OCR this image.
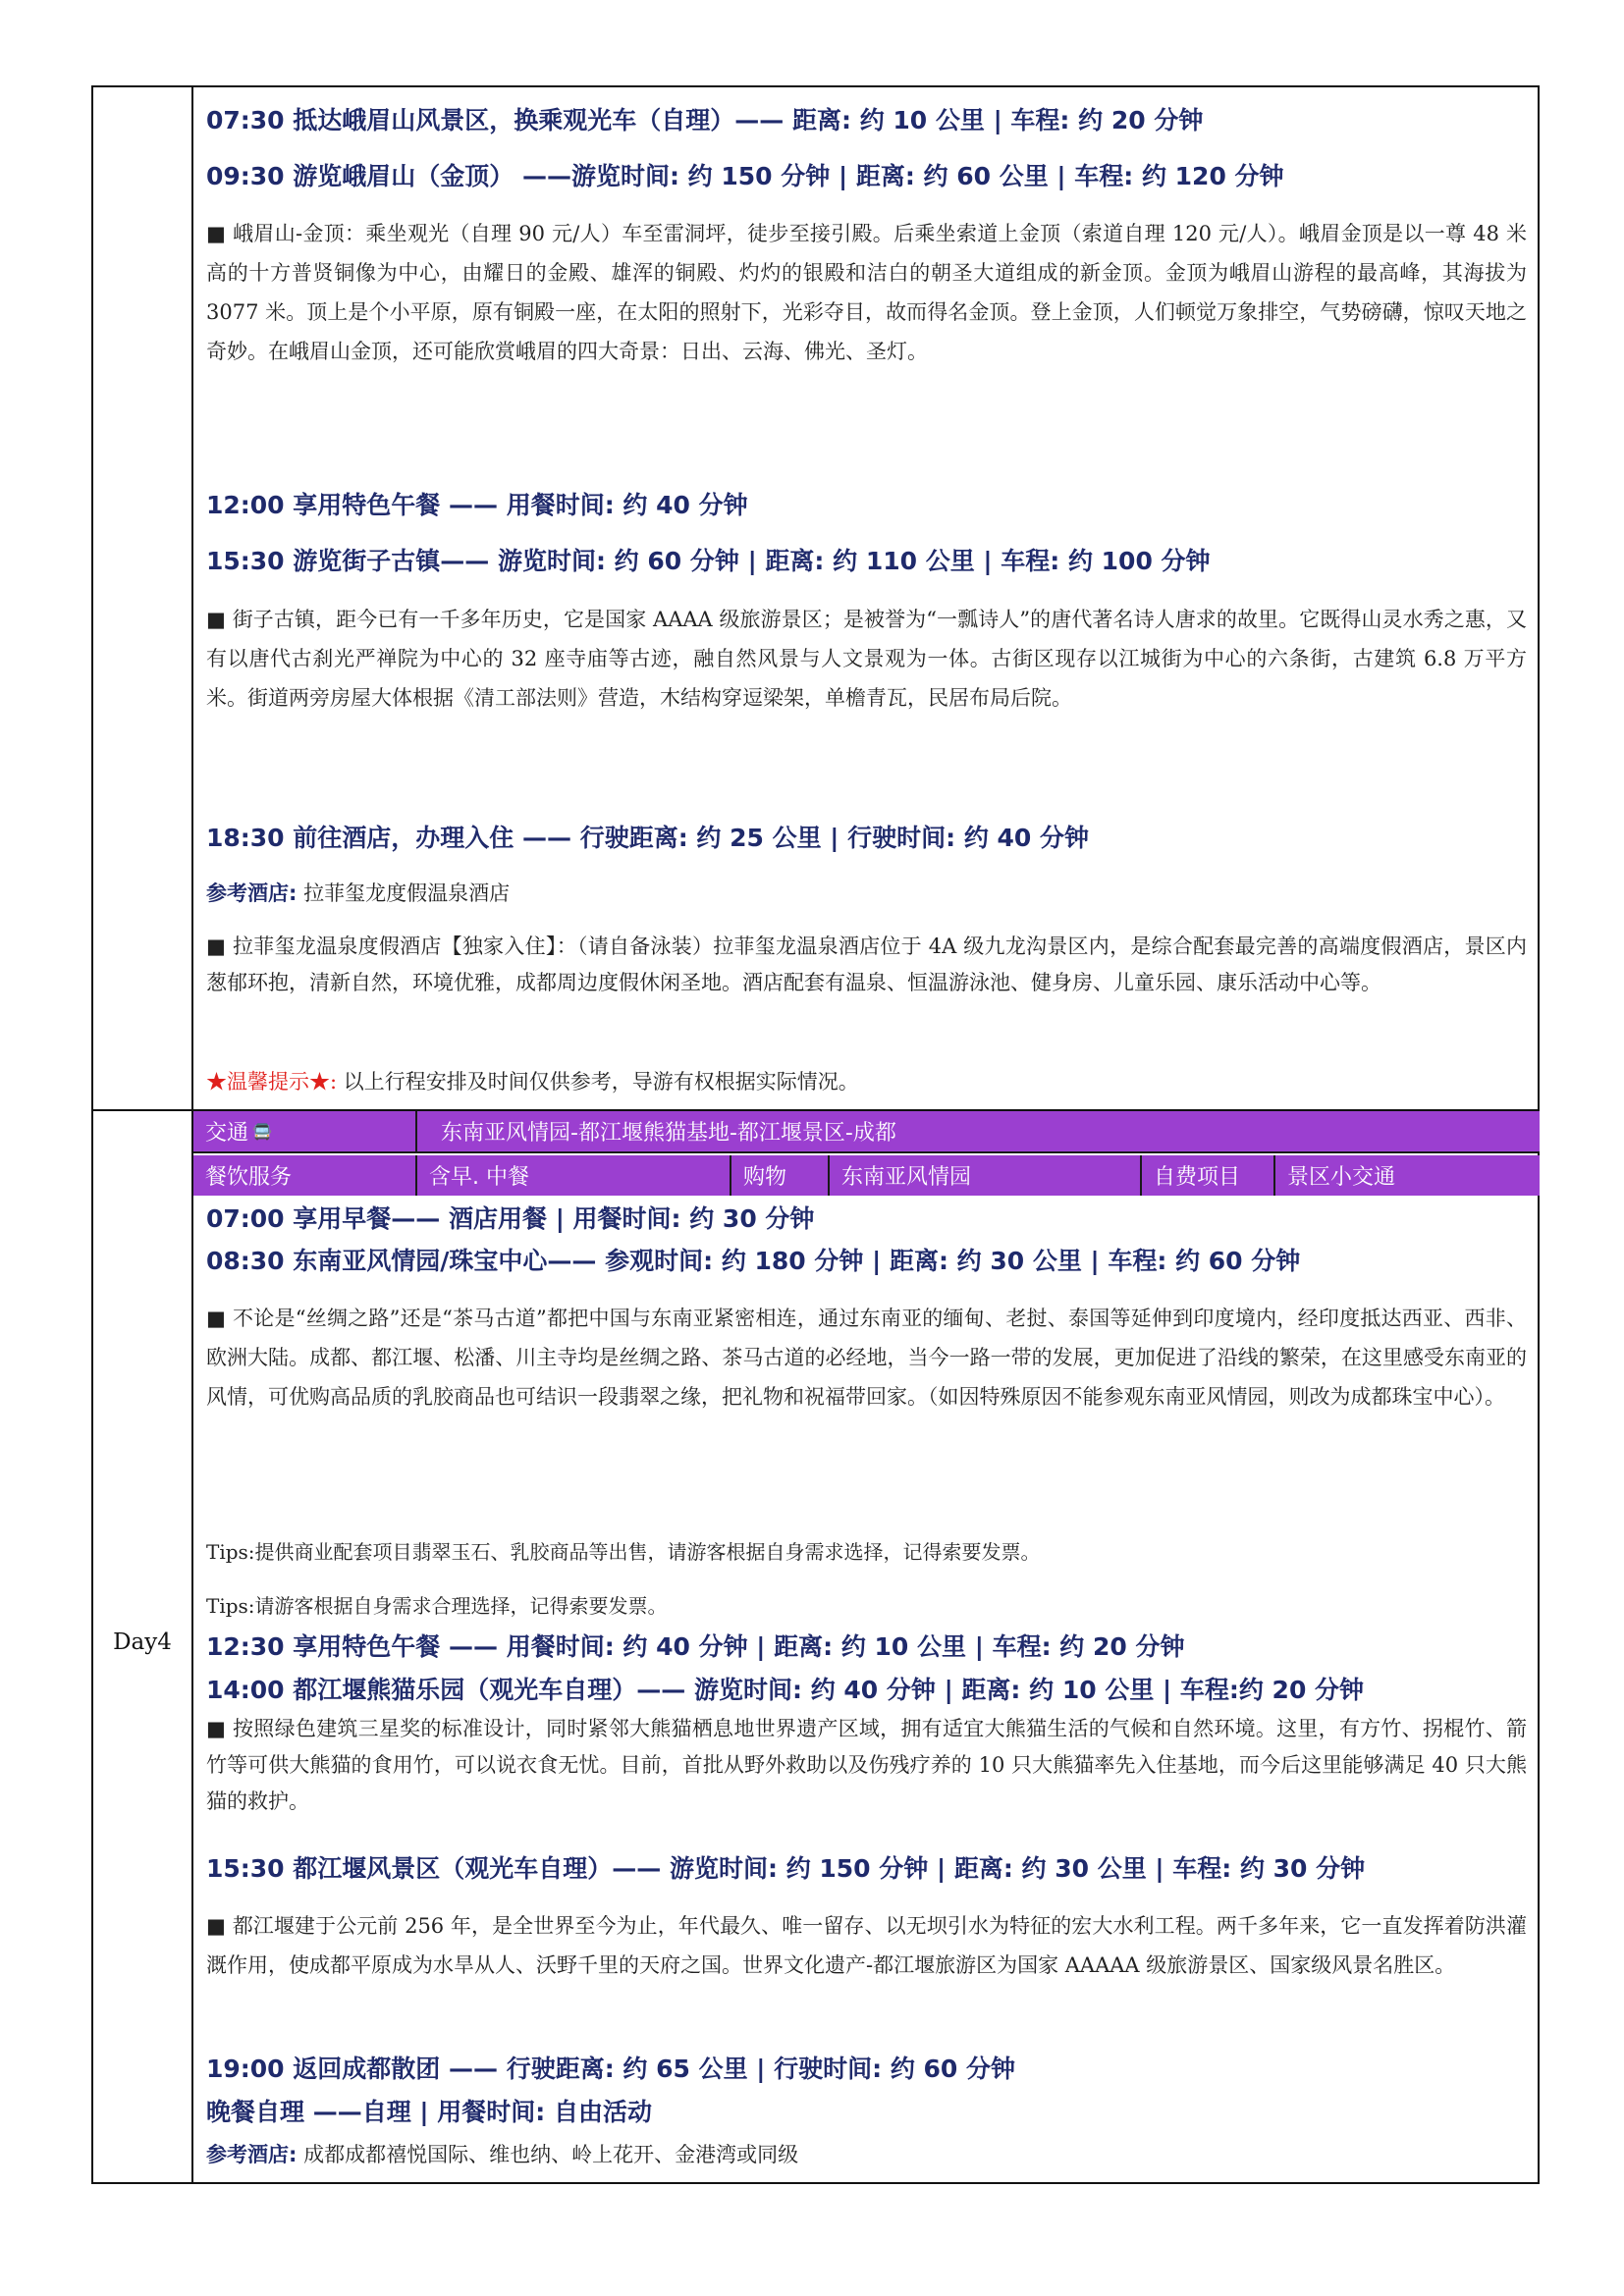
07:30 抵达峨眉山风景区，换乘观光车（自理）—— 距离: 约 10 公里 | 车程: 约 20 分钟
09:30 游览峨眉山（金顶） ——游览时间: 约 150 分钟 | 距离: 约 60 公里 | 车程: 约 120 分钟
■ 峨眉山-金顶：乘坐观光（自理 90 元/人）车至雷洞坪，徒步至接引殿。后乘坐索道上金顶（索道自理 120 元/人）。峨眉金顶是以一尊 48 米高的十方普贤铜像为中心，由耀日的金殿、雄浑的铜殿、灼灼的银殿和洁白的朝圣大道组成的新金顶。金顶为峨眉山游程的最高峰，其海拔为 3077 米。顶上是个小平原，原有铜殿一座，在太阳的照射下，光彩夺目，故而得名金顶。登上金顶，人们顿觉万象排空，气势磅礴，惊叹天地之奇妙。在峨眉山金顶，还可能欣赏峨眉的四大奇景：日出、云海、佛光、圣灯。
12:00 享用特色午餐 —— 用餐时间: 约 40 分钟
15:30 游览街子古镇—— 游览时间: 约 60 分钟 | 距离: 约 110 公里 | 车程: 约 100 分钟
■ 街子古镇，距今已有一千多年历史，它是国家 AAAA 级旅游景区；是被誉为“一瓢诗人”的唐代著名诗人唐求的故里。它既得山灵水秀之惠，又有以唐代古刹光严禅院为中心的 32 座寺庙等古迹，融自然风景与人文景观为一体。古街区现存以江城街为中心的六条街，古建筑 6.8 万平方米。街道两旁房屋大体根据《清工部法则》营造，木结构穿逗梁架，单檐青瓦，民居布局后院。
18:30 前往酒店，办理入住 —— 行驶距离: 约 25 公里 | 行驶时间: 约 40 分钟
参考酒店: 拉菲玺龙度假温泉酒店
■ 拉菲玺龙温泉度假酒店【独家入住】：（请自备泳装）拉菲玺龙温泉酒店位于 4A 级九龙沟景区内，是综合配套最完善的高端度假酒店，景区内葱郁环抱，清新自然，环境优雅，成都周边度假休闲圣地。酒店配套有温泉、恒温游泳池、健身房、儿童乐园、康乐活动中心等。
★温馨提示★: 以上行程安排及时间仅供参考，导游有权根据实际情况。
Day4
交通 🚍	东南亚风情园-都江堰熊猫基地-都江堰景区-成都
餐饮服务	含早. 中餐	购物	东南亚风情园	自费项目	景区小交通
07:00 享用早餐—— 酒店用餐 | 用餐时间: 约 30 分钟
08:30 东南亚风情园/珠宝中心—— 参观时间: 约 180 分钟 | 距离: 约 30 公里 | 车程: 约 60 分钟
■ 不论是“丝绸之路”还是“茶马古道”都把中国与东南亚紧密相连，通过东南亚的缅甸、老挝、泰国等延伸到印度境内，经印度抵达西亚、西非、欧洲大陆。成都、都江堰、松潘、川主寺均是丝绸之路、茶马古道的必经地，当今一路一带的发展，更加促进了沿线的繁荣，在这里感受东南亚的风情，可优购高品质的乳胶商品也可结识一段翡翠之缘，把礼物和祝福带回家。（如因特殊原因不能参观东南亚风情园，则改为成都珠宝中心）。
Tips:提供商业配套项目翡翠玉石、乳胶商品等出售，请游客根据自身需求选择，记得索要发票。
Tips:请游客根据自身需求合理选择，记得索要发票。
12:30 享用特色午餐 —— 用餐时间: 约 40 分钟 | 距离: 约 10 公里 | 车程: 约 20 分钟
14:00 都江堰熊猫乐园（观光车自理）—— 游览时间: 约 40 分钟 | 距离: 约 10 公里 | 车程:约 20 分钟
■ 按照绿色建筑三星奖的标准设计，同时紧邻大熊猫栖息地世界遗产区域，拥有适宜大熊猫生活的气候和自然环境。这里，有方竹、拐棍竹、箭竹等可供大熊猫的食用竹，可以说衣食无忧。目前，首批从野外救助以及伤残疗养的 10 只大熊猫率先入住基地，而今后这里能够满足 40 只大熊猫的救护。
15:30 都江堰风景区（观光车自理）—— 游览时间: 约 150 分钟 | 距离: 约 30 公里 | 车程: 约 30 分钟
■ 都江堰建于公元前 256 年，是全世界至今为止，年代最久、唯一留存、以无坝引水为特征的宏大水利工程。两千多年来，它一直发挥着防洪灌溉作用，使成都平原成为水旱从人、沃野千里的天府之国。世界文化遗产-都江堰旅游区为国家 AAAAA 级旅游景区、国家级风景名胜区。
19:00 返回成都散团 —— 行驶距离: 约 65 公里 | 行驶时间: 约 60 分钟
晚餐自理 ——自理 | 用餐时间: 自由活动
参考酒店: 成都成都禧悦国际、维也纳、岭上花开、金港湾或同级
